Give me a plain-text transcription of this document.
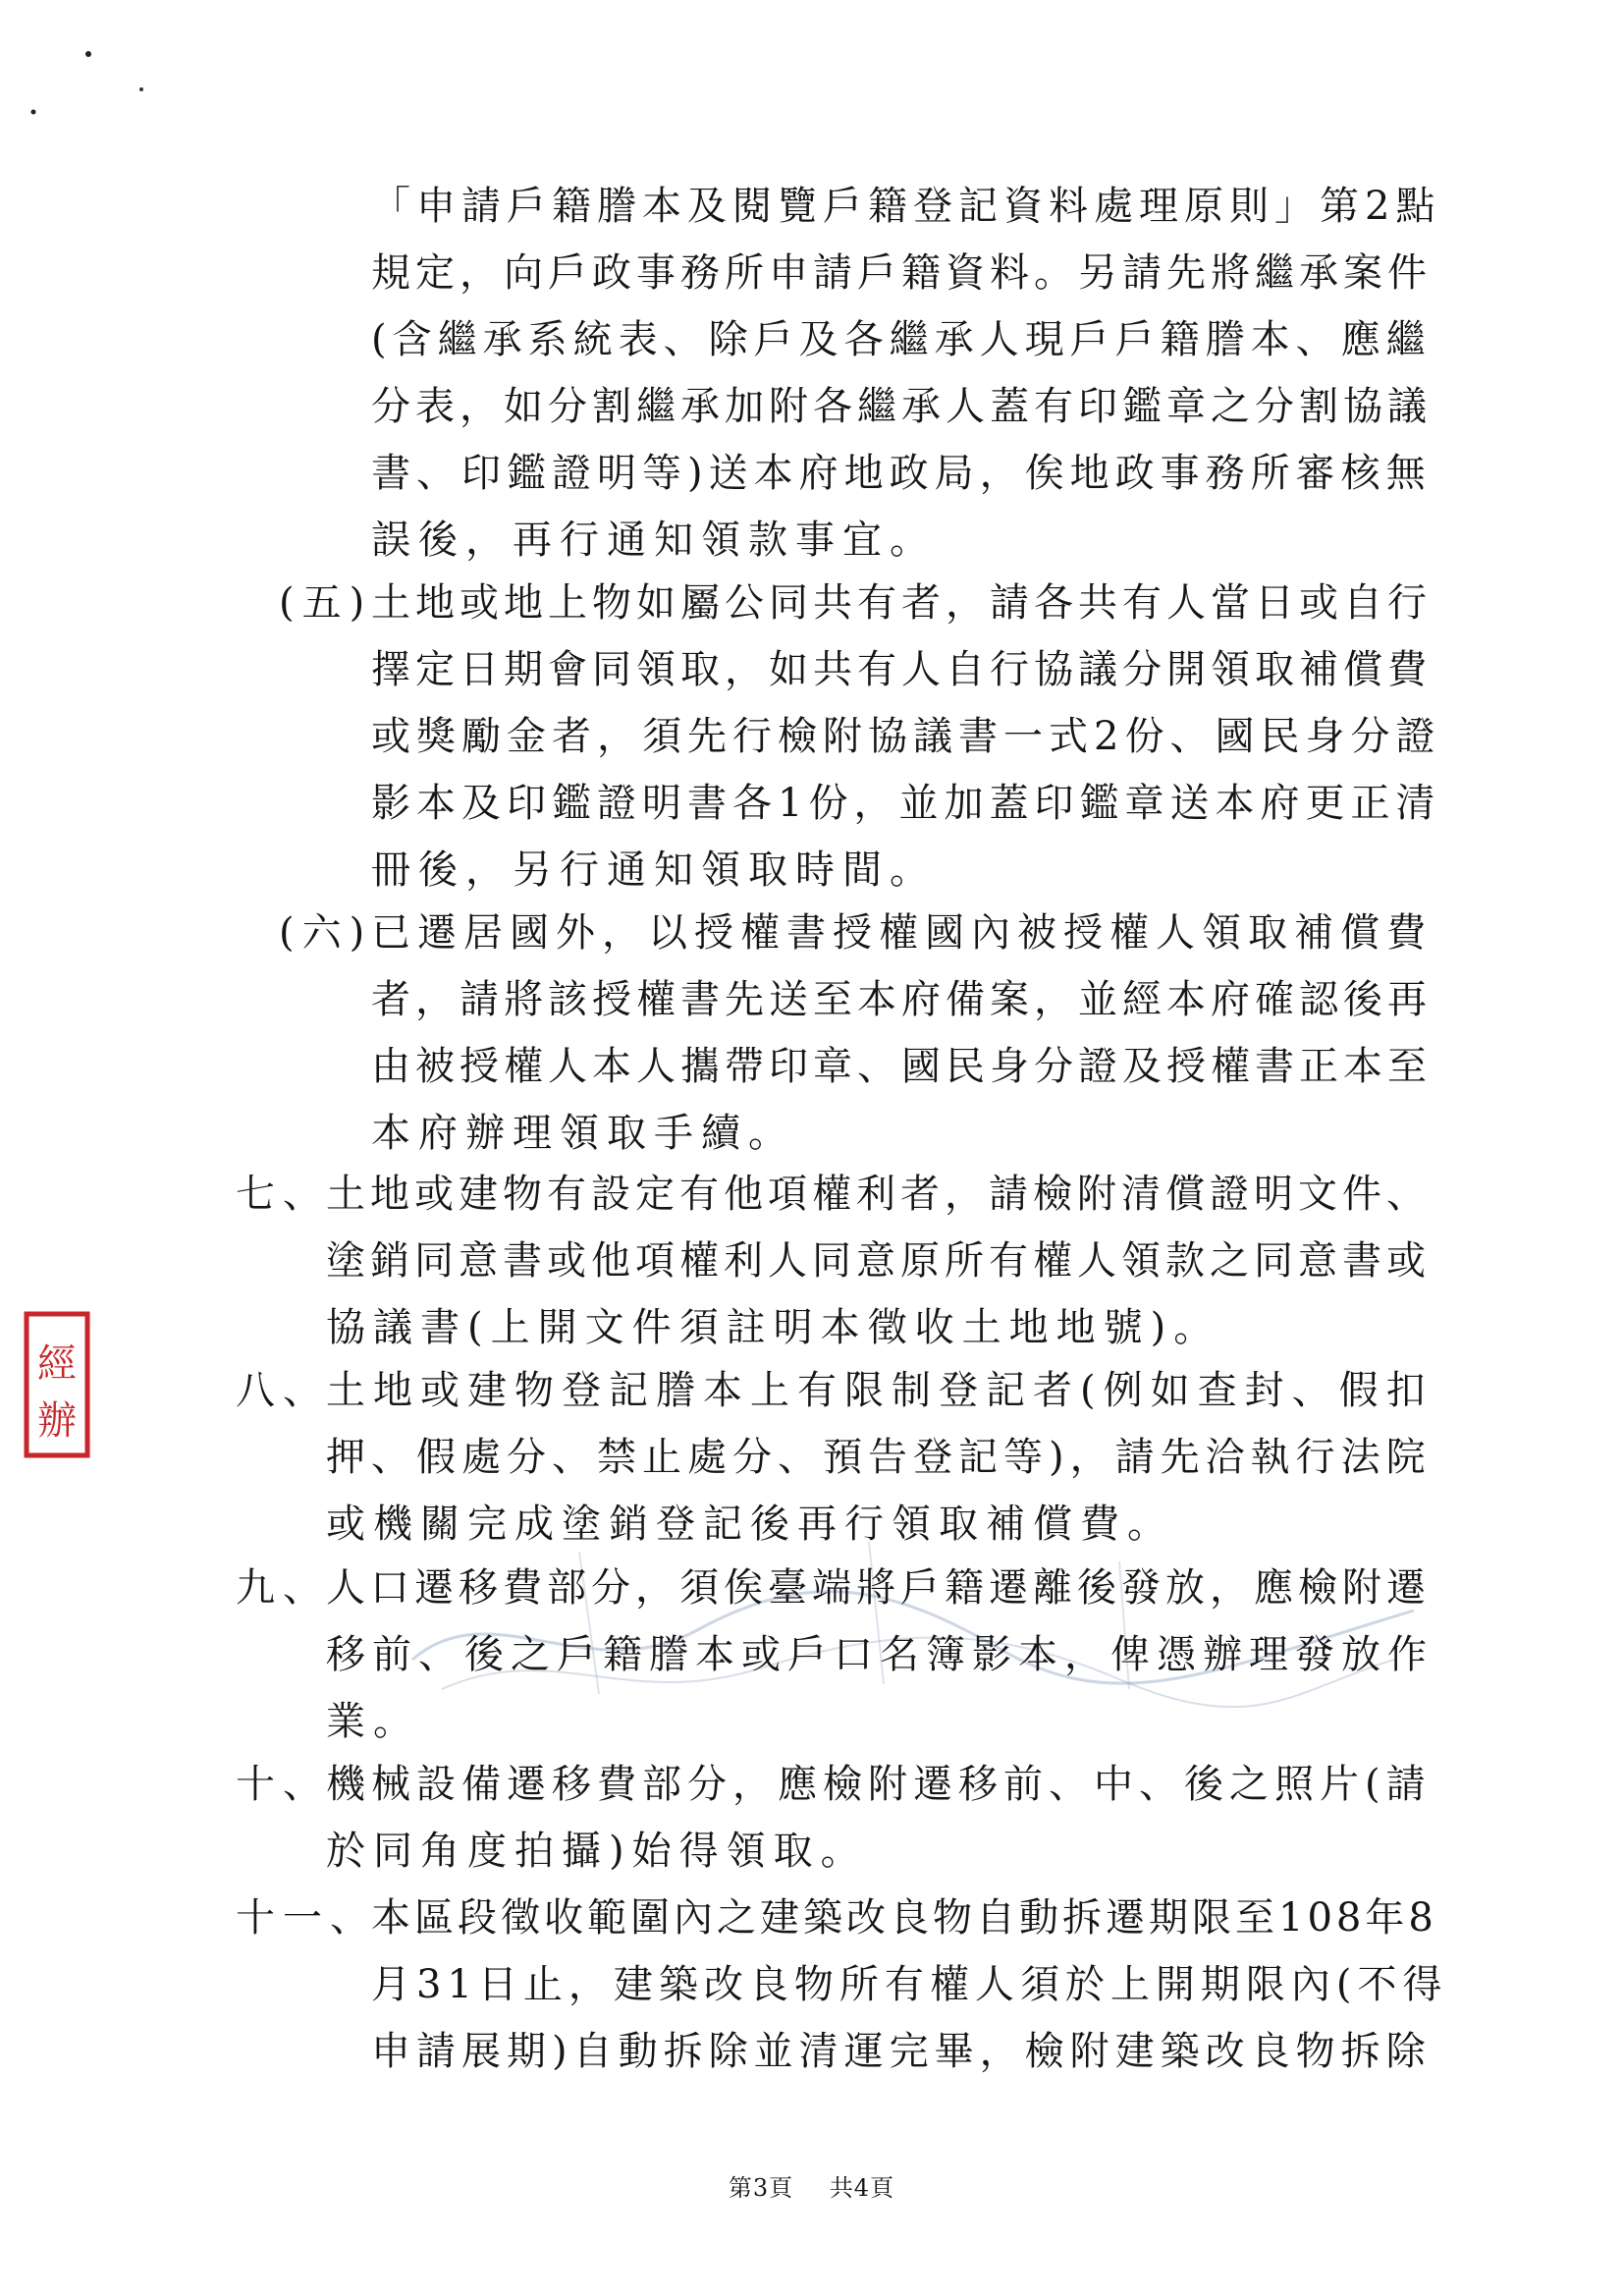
經
辦
「申請戶籍謄本及閱覽戶籍登記資料處理原則」第2點
規定，向戶政事務所申請戶籍資料。另請先將繼承案件
(含繼承系統表、除戶及各繼承人現戶戶籍謄本、應繼
分表，如分割繼承加附各繼承人蓋有印鑑章之分割協議
書、印鑑證明等)送本府地政局，俟地政事務所審核無
誤後，再行通知領款事宜。
(五)
土地或地上物如屬公同共有者，請各共有人當日或自行
擇定日期會同領取，如共有人自行協議分開領取補償費
或獎勵金者，須先行檢附協議書一式2份、國民身分證
影本及印鑑證明書各1份，並加蓋印鑑章送本府更正清
冊後，另行通知領取時間。
(六)
已遷居國外，以授權書授權國內被授權人領取補償費
者，請將該授權書先送至本府備案，並經本府確認後再
由被授權人本人攜帶印章、國民身分證及授權書正本至
本府辦理領取手續。
七、
土地或建物有設定有他項權利者，請檢附清償證明文件、
塗銷同意書或他項權利人同意原所有權人領款之同意書或
協議書(上開文件須註明本徵收土地地號)。
八、
土地或建物登記謄本上有限制登記者(例如查封、假扣
押、假處分、禁止處分、預告登記等)，請先洽執行法院
或機關完成塗銷登記後再行領取補償費。
九、
人口遷移費部分，須俟臺端將戶籍遷離後發放，應檢附遷
移前、後之戶籍謄本或戶口名簿影本，俾憑辦理發放作
業。
十、
機械設備遷移費部分，應檢附遷移前、中、後之照片(請
於同角度拍攝)始得領取。
十一、
本區段徵收範圍內之建築改良物自動拆遷期限至108年8
月31日止，建築改良物所有權人須於上開期限內(不得
申請展期)自動拆除並清運完畢，檢附建築改良物拆除
第3頁 共4頁
